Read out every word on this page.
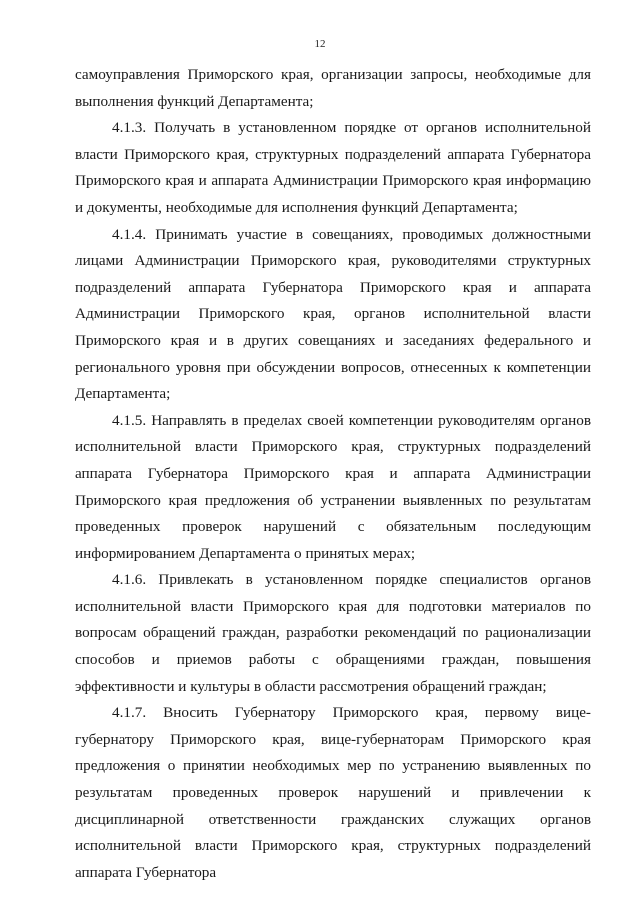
12

самоуправления Приморского края, организации запросы, необходимые для выполнения функций Департамента;

4.1.3. Получать в установленном порядке от органов исполнительной власти Приморского края, структурных подразделений аппарата Губернатора Приморского края и аппарата Администрации Приморского края информацию и документы, необходимые для исполнения функций Департамента;

4.1.4. Принимать участие в совещаниях, проводимых должностными лицами Администрации Приморского края, руководителями структурных подразделений аппарата Губернатора Приморского края и аппарата Администрации Приморского края, органов исполнительной власти Приморского края и в других совещаниях и заседаниях федерального и регионального уровня при обсуждении вопросов, отнесенных к компетенции Департамента;

4.1.5. Направлять в пределах своей компетенции руководителям органов исполнительной власти Приморского края, структурных подразделений аппарата Губернатора Приморского края и аппарата Администрации Приморского края предложения об устранении выявленных по результатам проведенных проверок нарушений с обязательным последующим информированием Департамента о принятых мерах;

4.1.6. Привлекать в установленном порядке специалистов органов исполнительной власти Приморского края для подготовки материалов по вопросам обращений граждан, разработки рекомендаций по рационализации способов и приемов работы с обращениями граждан, повышения эффективности и культуры в области рассмотрения обращений граждан;

4.1.7. Вносить Губернатору Приморского края, первому вице-губернатору Приморского края, вице-губернаторам Приморского края предложения о принятии необходимых мер по устранению выявленных по результатам проведенных проверок нарушений и привлечении к дисциплинарной ответственности гражданских служащих органов исполнительной власти Приморского края, структурных подразделений аппарата Губернатора
